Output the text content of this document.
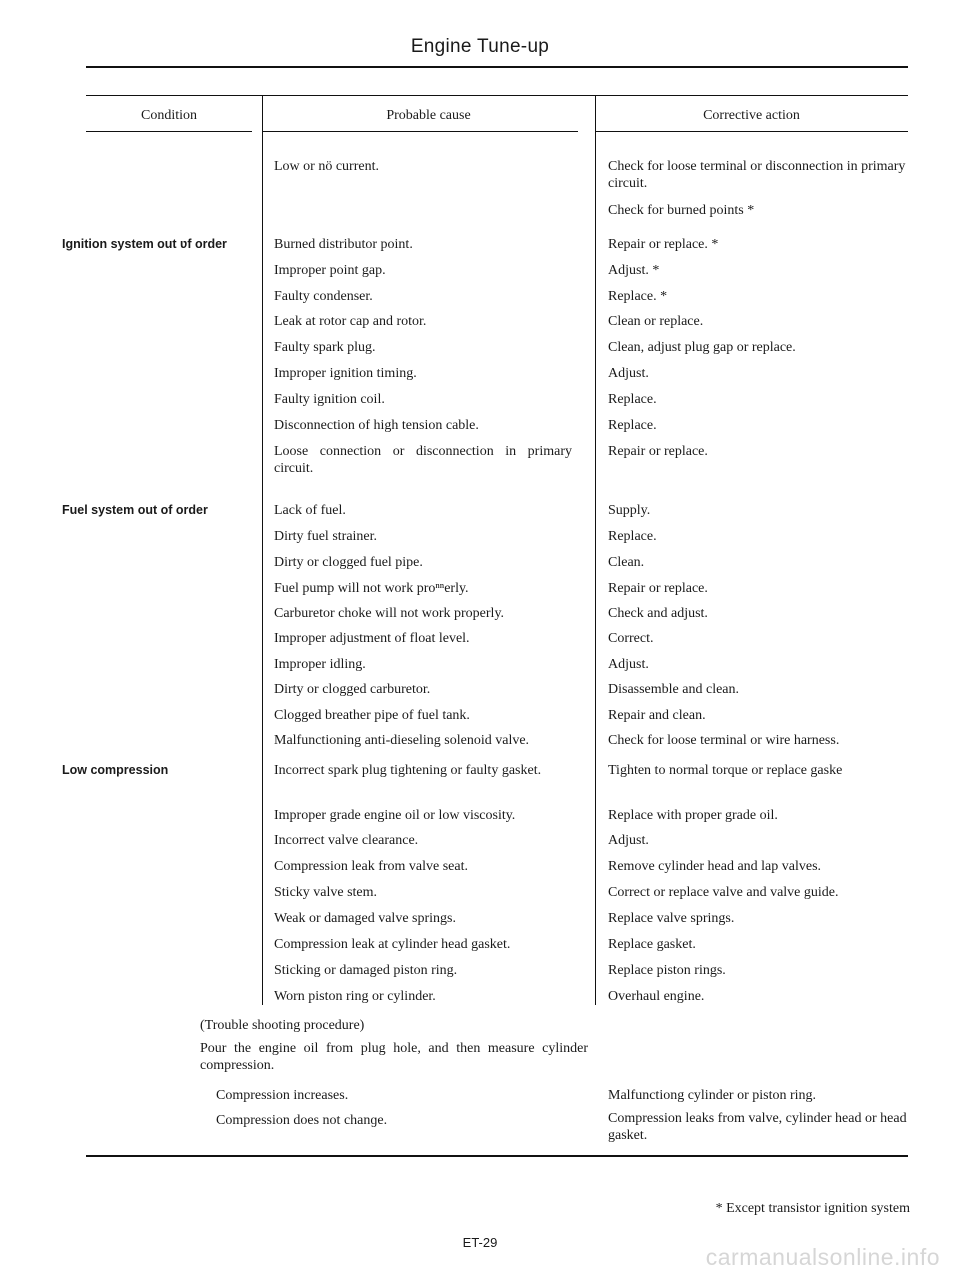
Engine Tune-up
Condition	Probable cause	Corrective action
Ignition system out ʋf order
Fuel system out of order
Low compression
Low or nö current.
Burned distributor point.
Improper point gap.
Faulty condenser.
Leak at rotor cap and rotor.
Faulty spark plug.
Improper ignition timing.
Faulty ignition coil.
Disconnection of high tension cable.
Loose connection or disconnection in primary circuit.
Lack of fuel.
Dirty fuel strainer.
Dirty or clogged fuel pipe.
Fuel pump will not work proⁿⁿerly.
Carburetor choke will not work properly.
Improper adjustment of float level.
Improper idling.
Dirty or clogged carburetor.
Clogged breather pipe of fuel tank.
Malfunctioning anti-dieseling solenoid valve.
Incorrect spark plug tightening or faulty gasket.
Improper grade engine oil or low viscosity.
Incorrect valve clearance.
Compression leak from valve seat.
Sticky valve stem.
Weak or damaged valve springs.
Compression leak at cylinder head gasket.
Sticking or damaged piston ring.
Worn piston ring or cylinder.
Check for loose terminal or disconnection in primary circuit.
Check for burned points *
Repair or replace. *
Adjust. *
Replace. *
Clean or replace.
Clean, adjust plug gap or replace.
Adjust.
Replace.
Replace.
Repair or replace.
Supply.
Replace.
Clean.
Repair or replace.
Check and adjust.
Correct.
Adjust.
Disassemble and clean.
Repair and clean.
Check for loose terminal or wire harness.
Tighten to normal torque or replace gaske
Replace with proper grade oil.
Adjust.
Remove cylinder head and lap valves.
Correct or replace valve and valve guide.
Replace valve springs.
Replace gasket.
Replace piston rings.
Overhaul engine.
(Trouble shooting procedure)
Pour the engine oil from plug hole, and then measure cylinder compression.
Compression increases.
Compression does not chanɡe.
Malfunctiong cylinder or piston ring.
Compression leaks from valve, cylinder head or head gasket.
* Except transistor ignition system
ET-29
carmanualsonline.info
